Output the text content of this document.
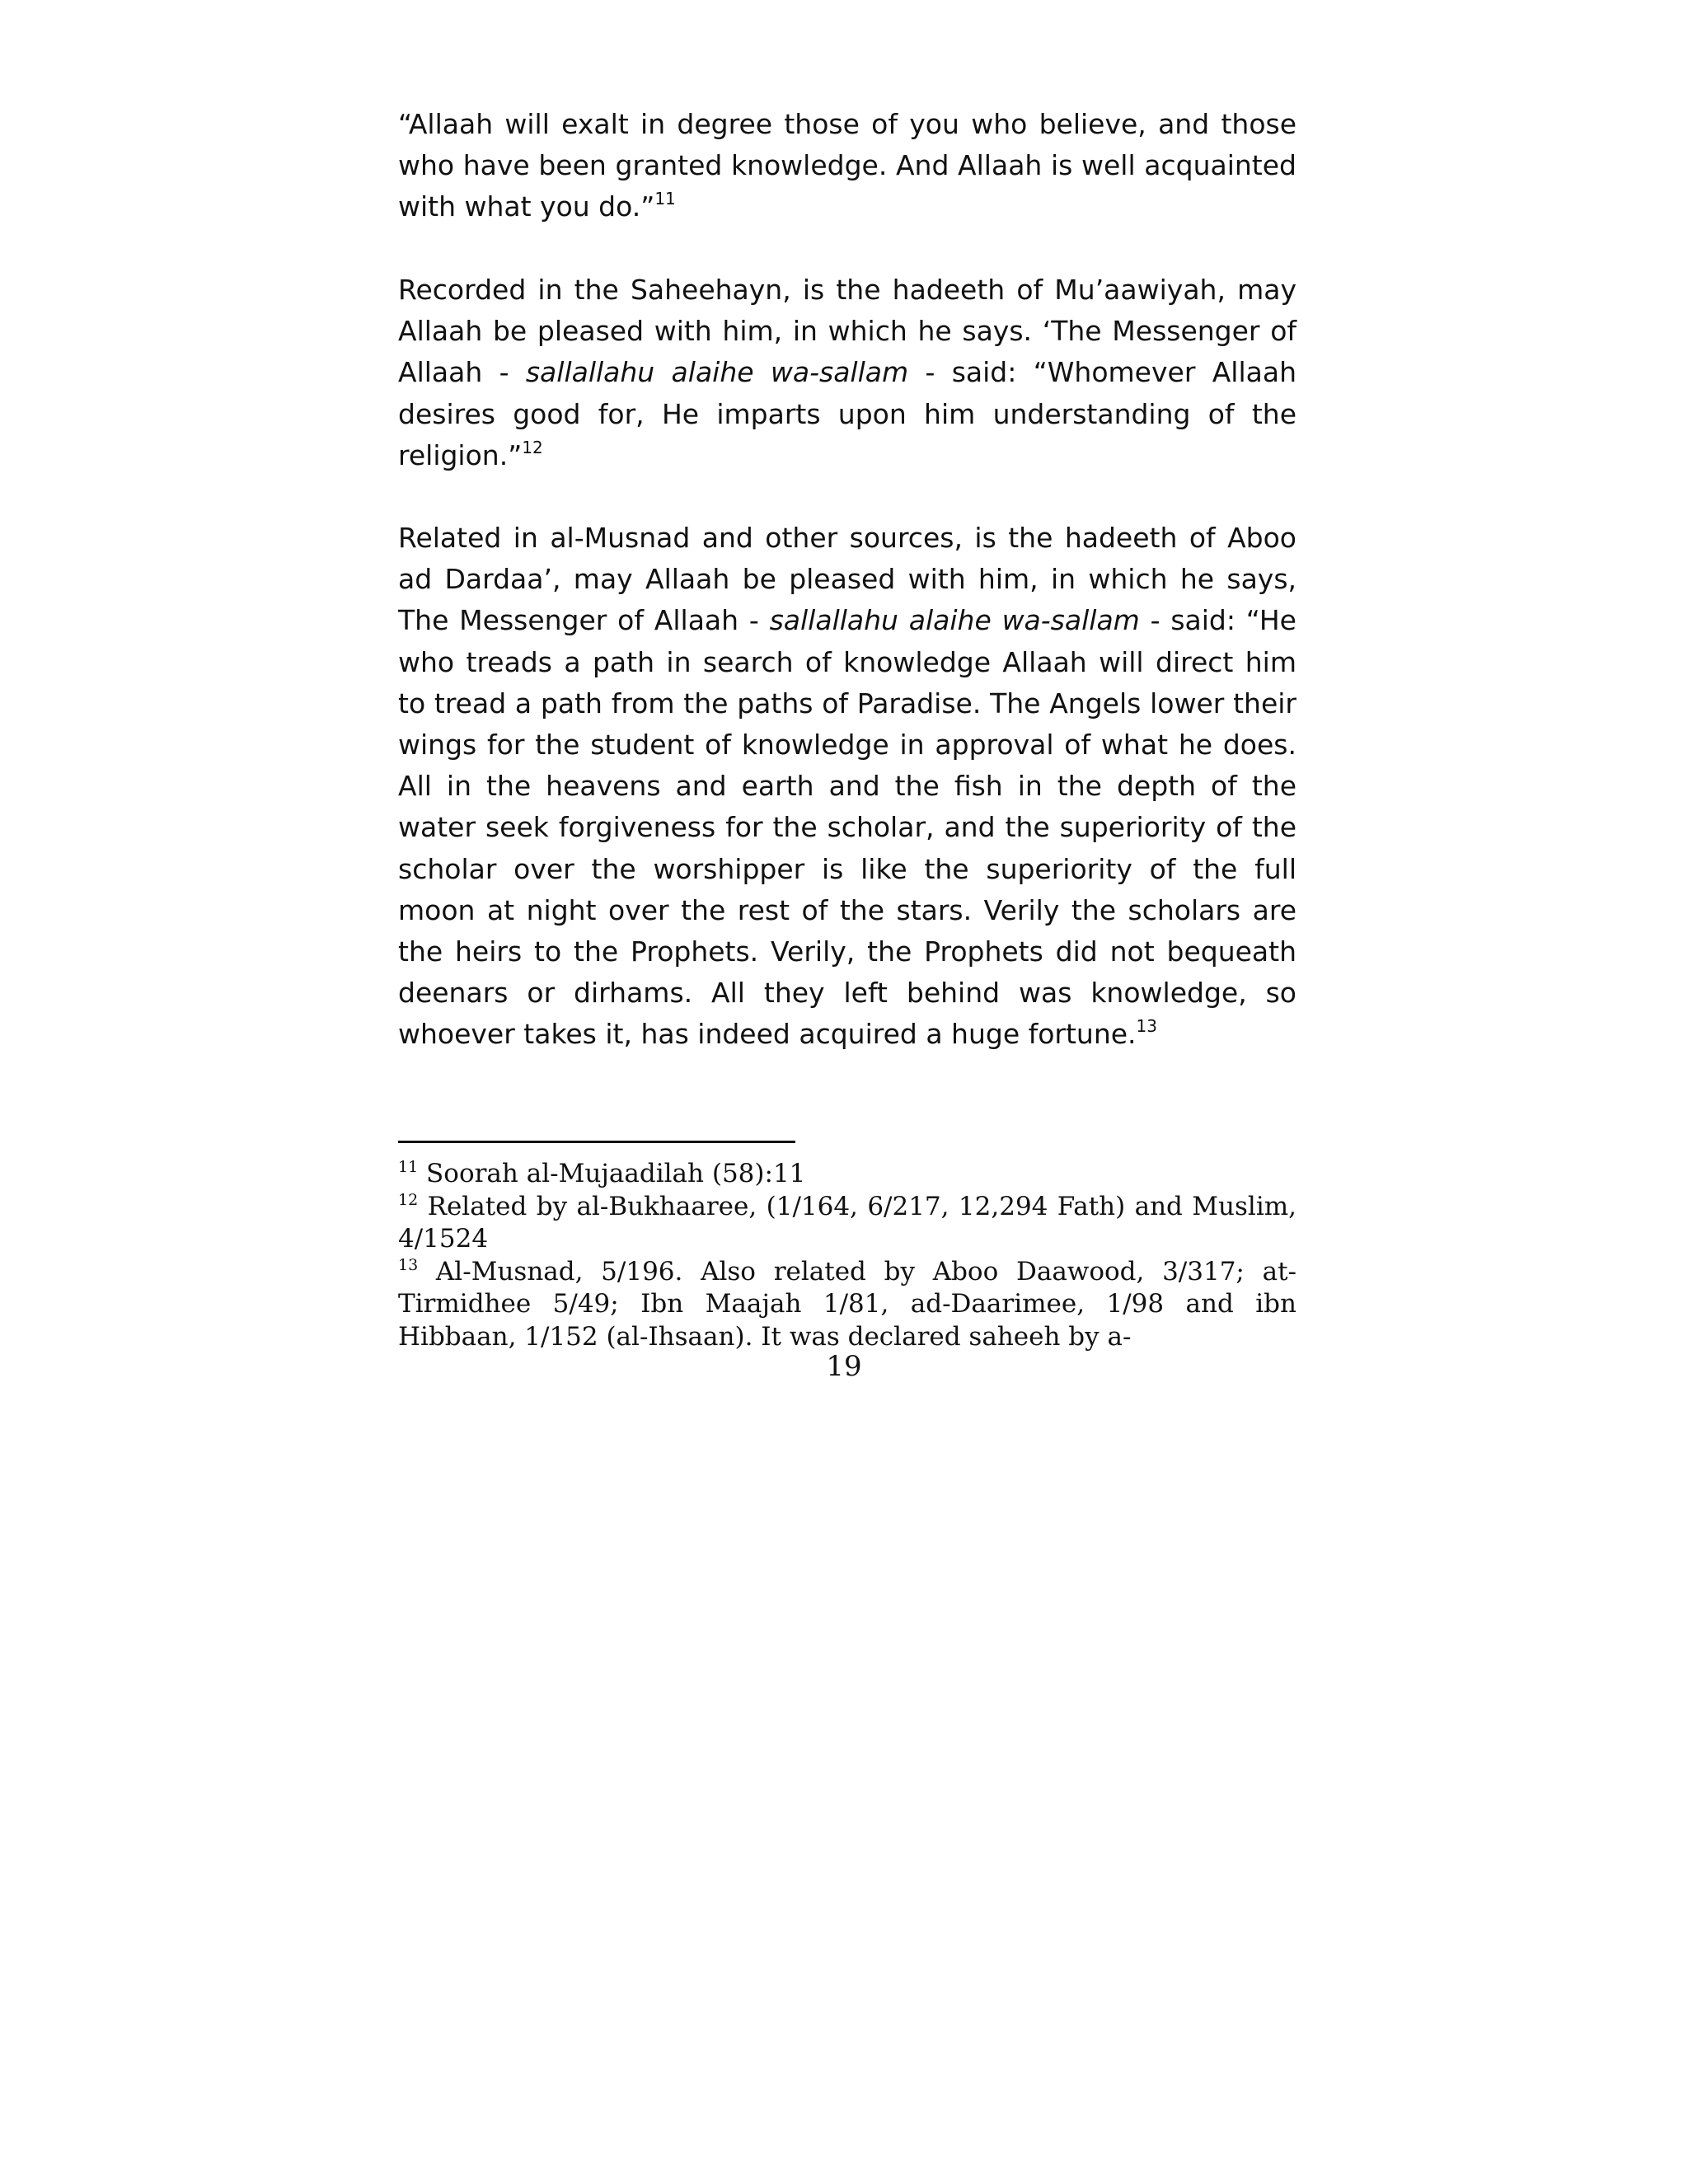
“Allaah will exalt in degree those of you who believe, and those who have been granted knowledge. And Allaah is well acquainted with what you do.”$^{11}$

Recorded in the Saheehayn, is the hadeeth of Mu’aawiyah, may Allaah be pleased with him, in which he says. ‘The Messenger of Allaah - sallallahu alaihe wa-sallam - said: “Whomever Allaah desires good for, He imparts upon him understanding of the religion.”$^{12}$

Related in al-Musnad and other sources, is the hadeeth of Aboo ad Dardaa’, may Allaah be pleased with him, in which he says, The Messenger of Allaah - sallallahu alaihe wa-sallam - said: “He who treads a path in search of knowledge Allaah will direct him to tread a path from the paths of Paradise. The Angels lower their wings for the student of knowledge in approval of what he does. All in the heavens and earth and the fish in the depth of the water seek forgiveness for the scholar, and the superiority of the scholar over the worshipper is like the superiority of the full moon at night over the rest of the stars. Verily the scholars are the heirs to the Prophets. Verily, the Prophets did not bequeath deenars or dirhams. All they left behind was knowledge, so whoever takes it, has indeed acquired a huge fortune.$^{13}$

$^{11}$ Soorah al-Mujaadilah (58):11

$^{12}$ Related by al-Bukhaaree, (1/164, 6/217, 12,294 Fath) and Muslim, 4/1524

$^{13}$ Al-Musnad, 5/196. Also related by Aboo Daawood, 3/317; at-Tirmidhee 5/49; Ibn Maajah 1/81, ad-Daarimee, 1/98 and ibn Hibbaan, 1/152 (al-Ihsaan). It was declared saheeh by a-

19
